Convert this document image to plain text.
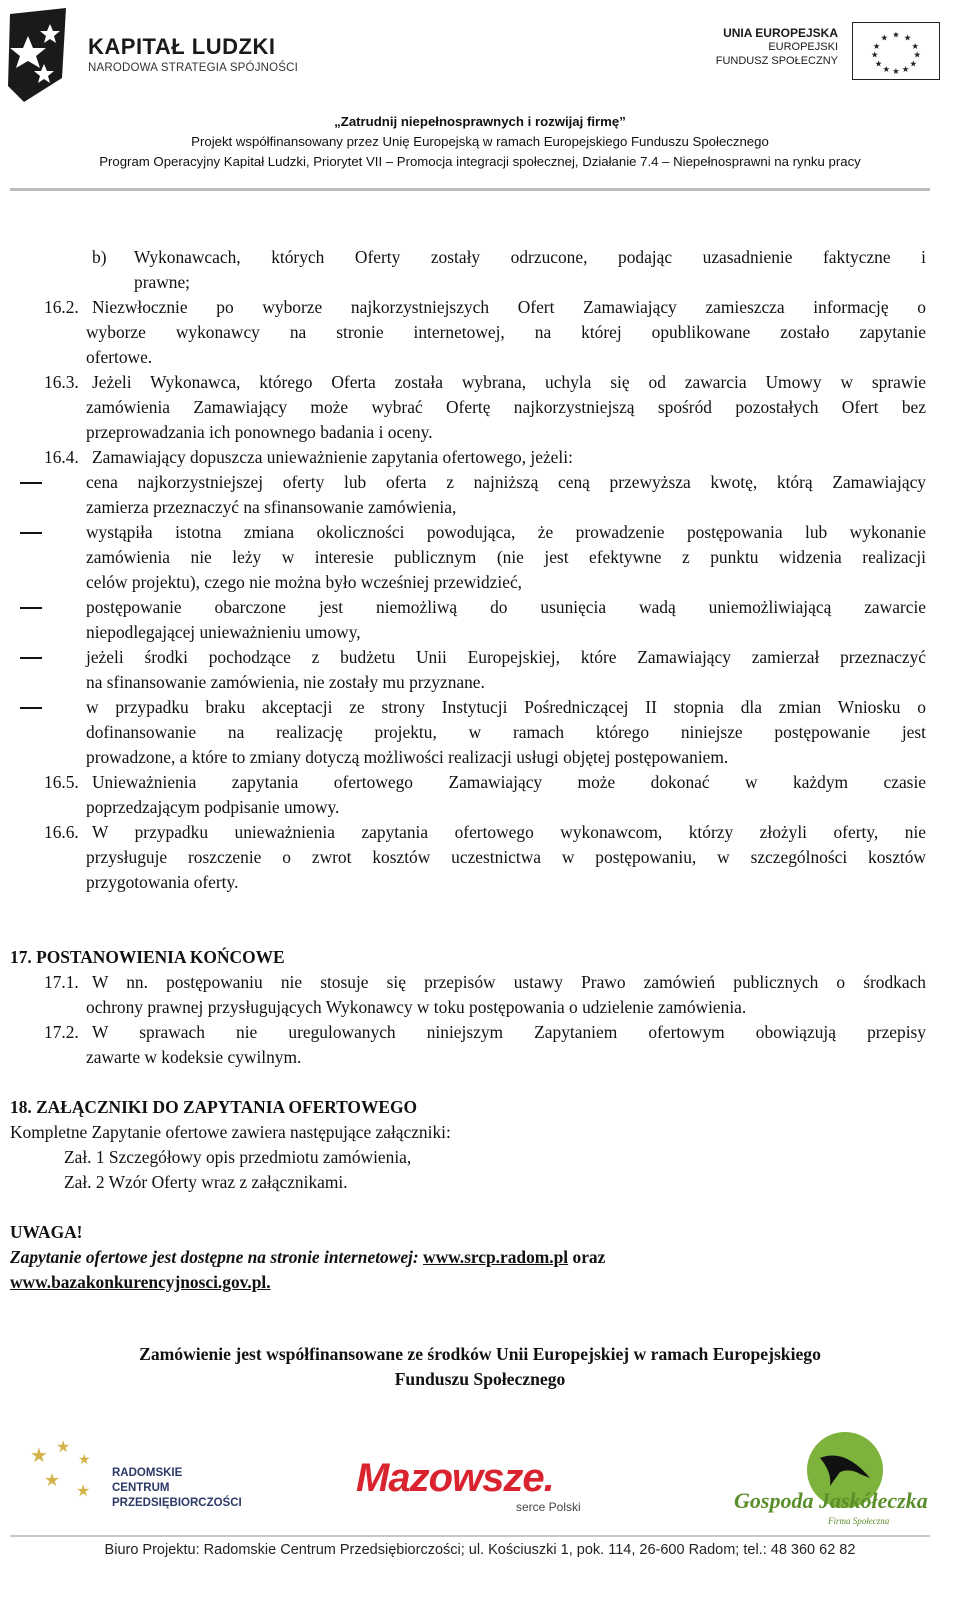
KAPITAŁ LUDZKI
NARODOWA STRATEGIA SPÓJNOŚCI
UNIA EUROPEJSKA
EUROPEJSKI
FUNDUSZ SPOŁECZNY
★ ★
★
★
★
★
★
★
★
★
★
★
„Zatrudnij niepełnosprawnych i rozwijaj firmę”
Projekt współfinansowany przez Unię Europejską w ramach Europejskiego Funduszu Społecznego
Program Operacyjny Kapitał Ludzki, Priorytet VII – Promocja integracji społecznej, Działanie 7.4 – Niepełnosprawni na rynku pracy
b) Wykonawcach, których Oferty zostały odrzucone, podając uzasadnienie faktyczne i
prawne;
16.2. Niezwłocznie po wyborze najkorzystniejszych Ofert Zamawiający zamieszcza informację o
wyborze wykonawcy na stronie internetowej, na której opublikowane zostało zapytanie
ofertowe.
16.3. Jeżeli Wykonawca, którego Oferta została wybrana, uchyla się od zawarcia Umowy w sprawie
zamówienia Zamawiający może wybrać Ofertę najkorzystniejszą spośród pozostałych Ofert bez
przeprowadzania ich ponownego badania i oceny.
16.4. Zamawiający dopuszcza unieważnienie zapytania ofertowego, jeżeli:
cena najkorzystniejszej oferty lub oferta z najniższą ceną przewyższa kwotę, którą Zamawiający
zamierza przeznaczyć na sfinansowanie zamówienia,
wystąpiła istotna zmiana okoliczności powodująca, że prowadzenie postępowania lub wykonanie
zamówienia nie leży w interesie publicznym (nie jest efektywne z punktu widzenia realizacji
celów projektu), czego nie można było wcześniej przewidzieć,
postępowanie obarczone jest niemożliwą do usunięcia wadą uniemożliwiającą zawarcie
niepodlegającej unieważnieniu umowy,
jeżeli środki pochodzące z budżetu Unii Europejskiej, które Zamawiający zamierzał przeznaczyć
na sfinansowanie zamówienia, nie zostały mu przyznane.
w przypadku braku akceptacji ze strony Instytucji Pośredniczącej II stopnia dla zmian Wniosku o
dofinansowanie na realizację projektu, w ramach którego niniejsze postępowanie jest
prowadzone, a które to zmiany dotyczą możliwości realizacji usługi objętej postępowaniem.
16.5. Unieważnienia zapytania ofertowego Zamawiający może dokonać w każdym czasie
poprzedzającym podpisanie umowy.
16.6. W przypadku unieważnienia zapytania ofertowego wykonawcom, którzy złożyli oferty, nie
przysługuje roszczenie o zwrot kosztów uczestnictwa w postępowaniu, w szczególności kosztów
przygotowania oferty.
17. POSTANOWIENIA KOŃCOWE
17.1. W nn. postępowaniu nie stosuje się przepisów ustawy Prawo zamówień publicznych o środkach
ochrony prawnej przysługujących Wykonawcy w toku postępowania o udzielenie zamówienia.
17.2. W sprawach nie uregulowanych niniejszym Zapytaniem ofertowym obowiązują przepisy
zawarte w kodeksie cywilnym.
18. ZAŁĄCZNIKI DO ZAPYTANIA OFERTOWEGO
Kompletne Zapytanie ofertowe zawiera następujące załączniki:
Zał. 1 Szczegółowy opis przedmiotu zamówienia,
Zał. 2 Wzór Oferty wraz z załącznikami.
UWAGA!
Zapytanie ofertowe jest dostępne na stronie internetowej: www.srcp.radom.pl oraz
www.bazakonkurencyjnosci.gov.pl.
Zamówienie jest współfinansowane ze środków Unii Europejskiej w ramach Europejskiego
Funduszu Społecznego
★ ★
★
★
★
RADOMSKIE
CENTRUM
PRZEDSIĘBIORCZOŚCI
Mazowsze.
serce Polski	Gospoda Jaskółeczka
Firma Społeczna
Biuro Projektu: Radomskie Centrum Przedsiębiorczości; ul. Kościuszki 1, pok. 114, 26-600 Radom; tel.: 48 360 62 82
